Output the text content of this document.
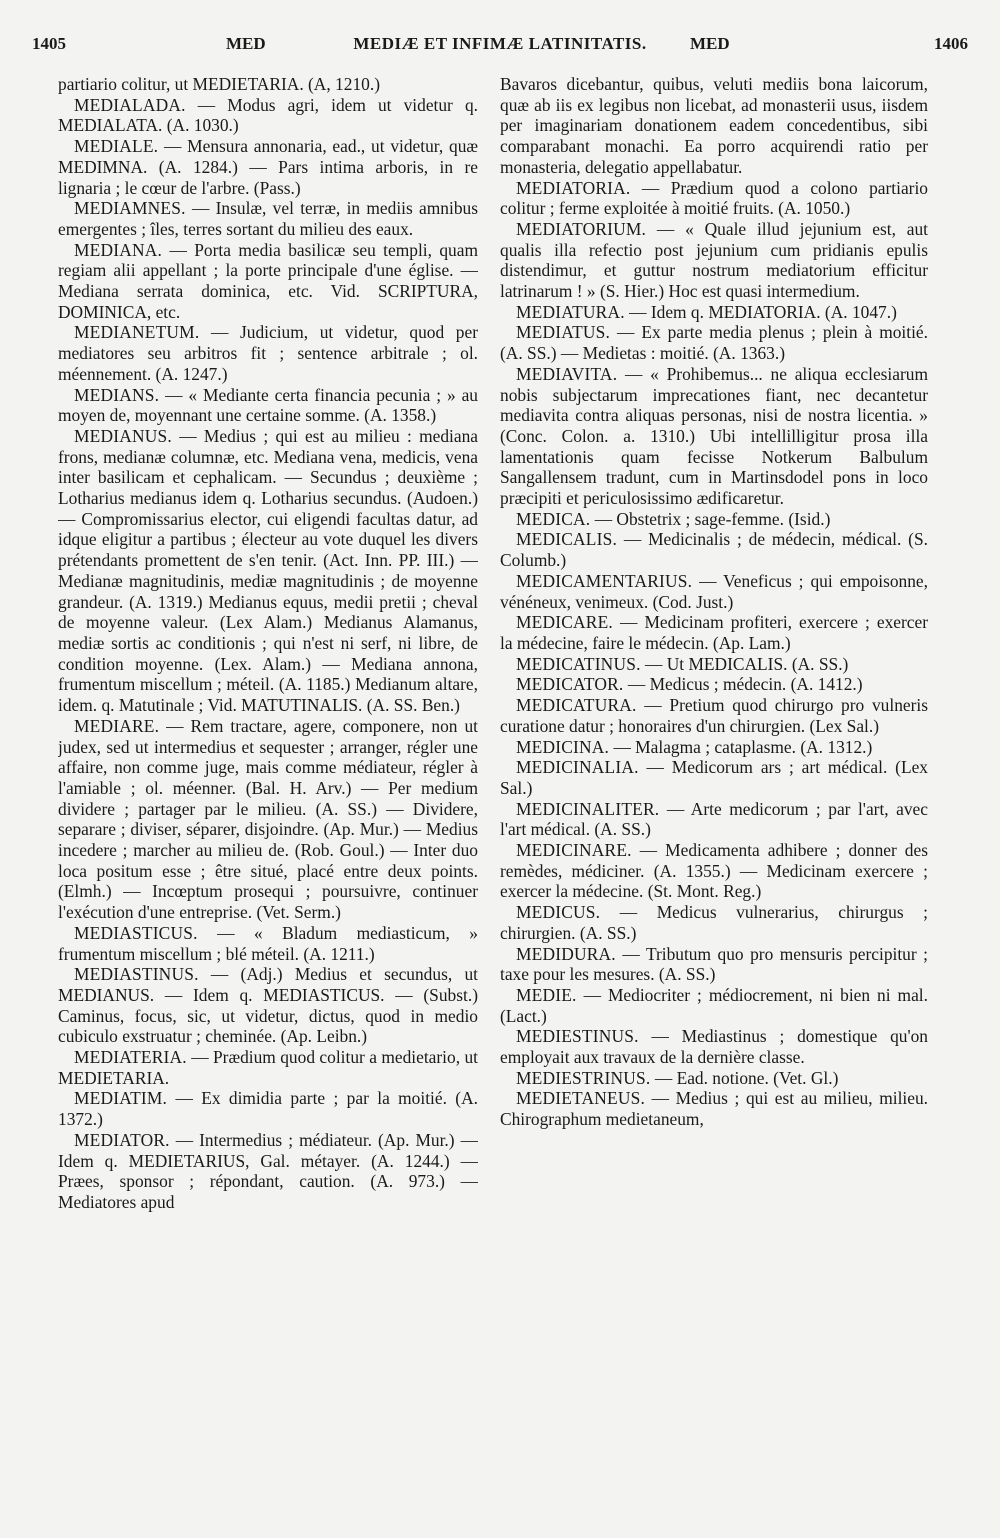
1405	MED	MEDIÆ ET INFIMÆ LATINITATIS.	MED	1406

partiario colitur, ut MEDIETARIA. (A, 1210.)

MEDIALADA. — Modus agri, idem ut videtur q. MEDIALATA. (A. 1030.)

MEDIALE. — Mensura annonaria, ead., ut videtur, quæ MEDIMNA. (A. 1284.) — Pars intima arboris, in re lignaria ; le cœur de l'arbre. (Pass.)

MEDIAMNES. — Insulæ, vel terræ, in mediis amnibus emergentes ; îles, terres sortant du milieu des eaux.

MEDIANA. — Porta media basilicæ seu templi, quam regiam alii appellant ; la porte principale d'une église. — Mediana serrata dominica, etc. Vid. SCRIPTURA, DOMINICA, etc.

MEDIANETUM. — Judicium, ut videtur, quod per mediatores seu arbitros fit ; sentence arbitrale ; ol. méennement. (A. 1247.)

MEDIANS. — « Mediante certa financia pecunia ; » au moyen de, moyennant une certaine somme. (A. 1358.)

MEDIANUS. — Medius ; qui est au milieu : mediana frons, medianæ columnæ, etc. Mediana vena, medicis, vena inter basilicam et cephalicam. — Secundus ; deuxième ; Lotharius medianus idem q. Lotharius secundus. (Audoen.) — Compromissarius elector, cui eligendi facultas datur, ad idque eligitur a partibus ; électeur au vote duquel les divers prétendants promettent de s'en tenir. (Act. Inn. PP. III.) — Medianæ magnitudinis, mediæ magnitudinis ; de moyenne grandeur. (A. 1319.) Medianus equus, medii pretii ; cheval de moyenne valeur. (Lex Alam.) Medianus Alamanus, mediæ sortis ac conditionis ; qui n'est ni serf, ni libre, de condition moyenne. (Lex. Alam.) — Mediana annona, frumentum miscellum ; méteil. (A. 1185.) Medianum altare, idem. q. Matutinale ; Vid. MATUTINALIS. (A. SS. Ben.)

MEDIARE. — Rem tractare, agere, componere, non ut judex, sed ut intermedius et sequester ; arranger, régler une affaire, non comme juge, mais comme médiateur, régler à l'amiable ; ol. méenner. (Bal. H. Arv.) — Per medium dividere ; partager par le milieu. (A. SS.) — Dividere, separare ; diviser, séparer, disjoindre. (Ap. Mur.) — Medius incedere ; marcher au milieu de. (Rob. Goul.) — Inter duo loca positum esse ; être situé, placé entre deux points. (Elmh.) — Incœptum prosequi ; poursuivre, continuer l'exécution d'une entreprise. (Vet. Serm.)

MEDIASTICUS. — « Bladum mediasticum, » frumentum miscellum ; blé méteil. (A. 1211.)

MEDIASTINUS. — (Adj.) Medius et secundus, ut MEDIANUS. — Idem q. MEDIASTICUS. — (Subst.) Caminus, focus, sic, ut videtur, dictus, quod in medio cubiculo exstruatur ; cheminée. (Ap. Leibn.)

MEDIATERIA. — Prædium quod colitur a medietario, ut MEDIETARIA.

MEDIATIM. — Ex dimidia parte ; par la moitié. (A. 1372.)

MEDIATOR. — Intermedius ; médiateur. (Ap. Mur.) — Idem q. MEDIETARIUS, Gal. métayer. (A. 1244.) — Præes, sponsor ; répondant, caution. (A. 973.) — Mediatores apud

Bavaros dicebantur, quibus, veluti mediis bona laicorum, quæ ab iis ex legibus non licebat, ad monasterii usus, iisdem per imaginariam donationem eadem concedentibus, sibi comparabant monachi. Ea porro acquirendi ratio per monasteria, delegatio appellabatur.

MEDIATORIA. — Prædium quod a colono partiario colitur ; ferme exploitée à moitié fruits. (A. 1050.)

MEDIATORIUM. — « Quale illud jejunium est, aut qualis illa refectio post jejunium cum pridianis epulis distendimur, et guttur nostrum mediatorium efficitur latrinarum ! » (S. Hier.) Hoc est quasi intermedium.

MEDIATURA. — Idem q. MEDIATORIA. (A. 1047.)

MEDIATUS. — Ex parte media plenus ; plein à moitié. (A. SS.) — Medietas : moitié. (A. 1363.)

MEDIAVITA. — « Prohibemus... ne aliqua ecclesiarum nobis subjectarum imprecationes fiant, nec decantetur mediavita contra aliquas personas, nisi de nostra licentia. » (Conc. Colon. a. 1310.) Ubi intellilligitur prosa illa lamentationis quam fecisse Notkerum Balbulum Sangallensem tradunt, cum in Martinsdodel pons in loco præcipiti et periculosissimo ædificaretur.

MEDICA. — Obstetrix ; sage-femme. (Isid.)

MEDICALIS. — Medicinalis ; de médecin, médical. (S. Columb.)

MEDICAMENTARIUS. — Veneficus ; qui empoisonne, vénéneux, venimeux. (Cod. Just.)

MEDICARE. — Medicinam profiteri, exercere ; exercer la médecine, faire le médecin. (Ap. Lam.)

MEDICATINUS. — Ut MEDICALIS. (A. SS.)

MEDICATOR. — Medicus ; médecin. (A. 1412.)

MEDICATURA. — Pretium quod chirurgo pro vulneris curatione datur ; honoraires d'un chirurgien. (Lex Sal.)

MEDICINA. — Malagma ; cataplasme. (A. 1312.)

MEDICINALIA. — Medicorum ars ; art médical. (Lex Sal.)

MEDICINALITER. — Arte medicorum ; par l'art, avec l'art médical. (A. SS.)

MEDICINARE. — Medicamenta adhibere ; donner des remèdes, médiciner. (A. 1355.) — Medicinam exercere ; exercer la médecine. (St. Mont. Reg.)

MEDICUS. — Medicus vulnerarius, chirurgus ; chirurgien. (A. SS.)

MEDIDURA. — Tributum quo pro mensuris percipitur ; taxe pour les mesures. (A. SS.)

MEDIE. — Mediocriter ; médiocrement, ni bien ni mal. (Lact.)

MEDIESTINUS. — Mediastinus ; domestique qu'on employait aux travaux de la dernière classe.

MEDIESTRINUS. — Ead. notione. (Vet. Gl.)

MEDIETANEUS. — Medius ; qui est au milieu, milieu. Chirographum medietaneum,
